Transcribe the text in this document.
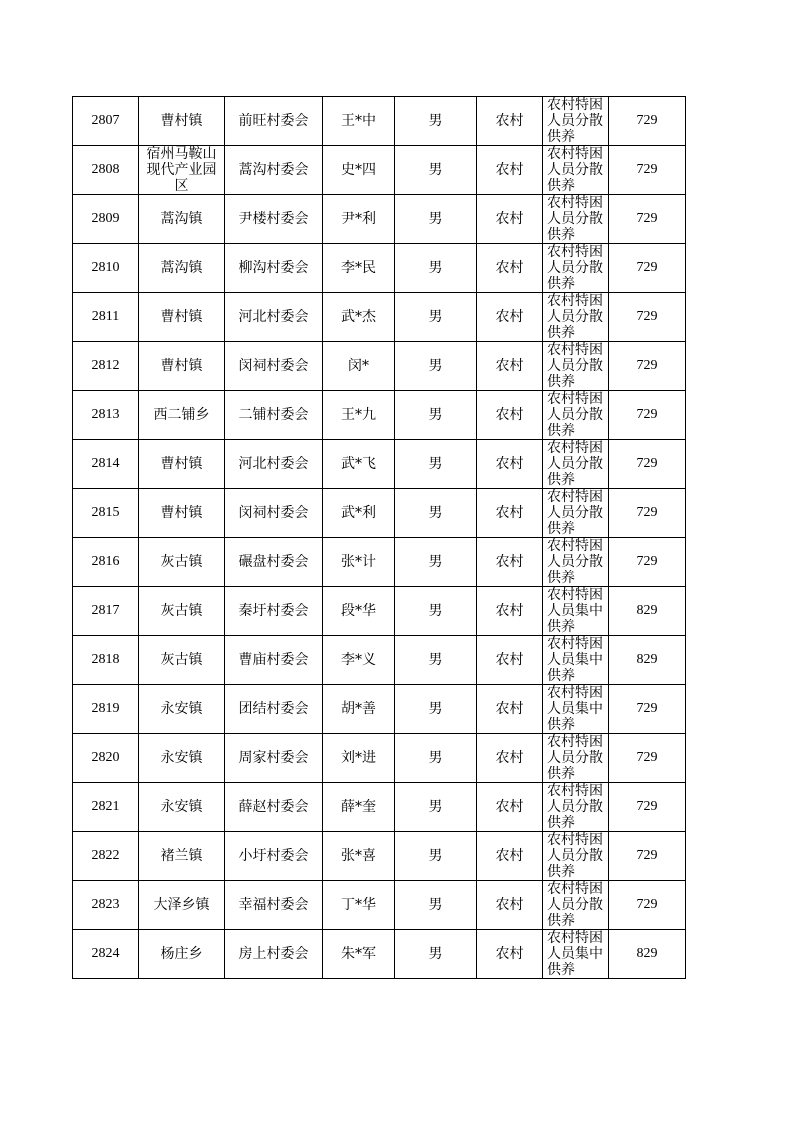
2807	曹村镇	前旺村委会	王*中	男	农村	农村特困人员分散供养	729
2808	宿州马鞍山现代产业园区	蒿沟村委会	史*四	男	农村	农村特困人员分散供养	729
2809	蒿沟镇	尹楼村委会	尹*利	男	农村	农村特困人员分散供养	729
2810	蒿沟镇	柳沟村委会	李*民	男	农村	农村特困人员分散供养	729
2811	曹村镇	河北村委会	武*杰	男	农村	农村特困人员分散供养	729
2812	曹村镇	闵祠村委会	闵*	男	农村	农村特困人员分散供养	729
2813	西二铺乡	二铺村委会	王*九	男	农村	农村特困人员分散供养	729
2814	曹村镇	河北村委会	武*飞	男	农村	农村特困人员分散供养	729
2815	曹村镇	闵祠村委会	武*利	男	农村	农村特困人员分散供养	729
2816	灰古镇	碾盘村委会	张*计	男	农村	农村特困人员分散供养	729
2817	灰古镇	秦圩村委会	段*华	男	农村	农村特困人员集中供养	829
2818	灰古镇	曹庙村委会	李*义	男	农村	农村特困人员集中供养	829
2819	永安镇	团结村委会	胡*善	男	农村	农村特困人员集中供养	729
2820	永安镇	周家村委会	刘*进	男	农村	农村特困人员分散供养	729
2821	永安镇	薛赵村委会	薛*奎	男	农村	农村特困人员分散供养	729
2822	褚兰镇	小圩村委会	张*喜	男	农村	农村特困人员分散供养	729
2823	大泽乡镇	幸福村委会	丁*华	男	农村	农村特困人员分散供养	729
2824	杨庄乡	房上村委会	朱*军	男	农村	农村特困人员集中供养	829
